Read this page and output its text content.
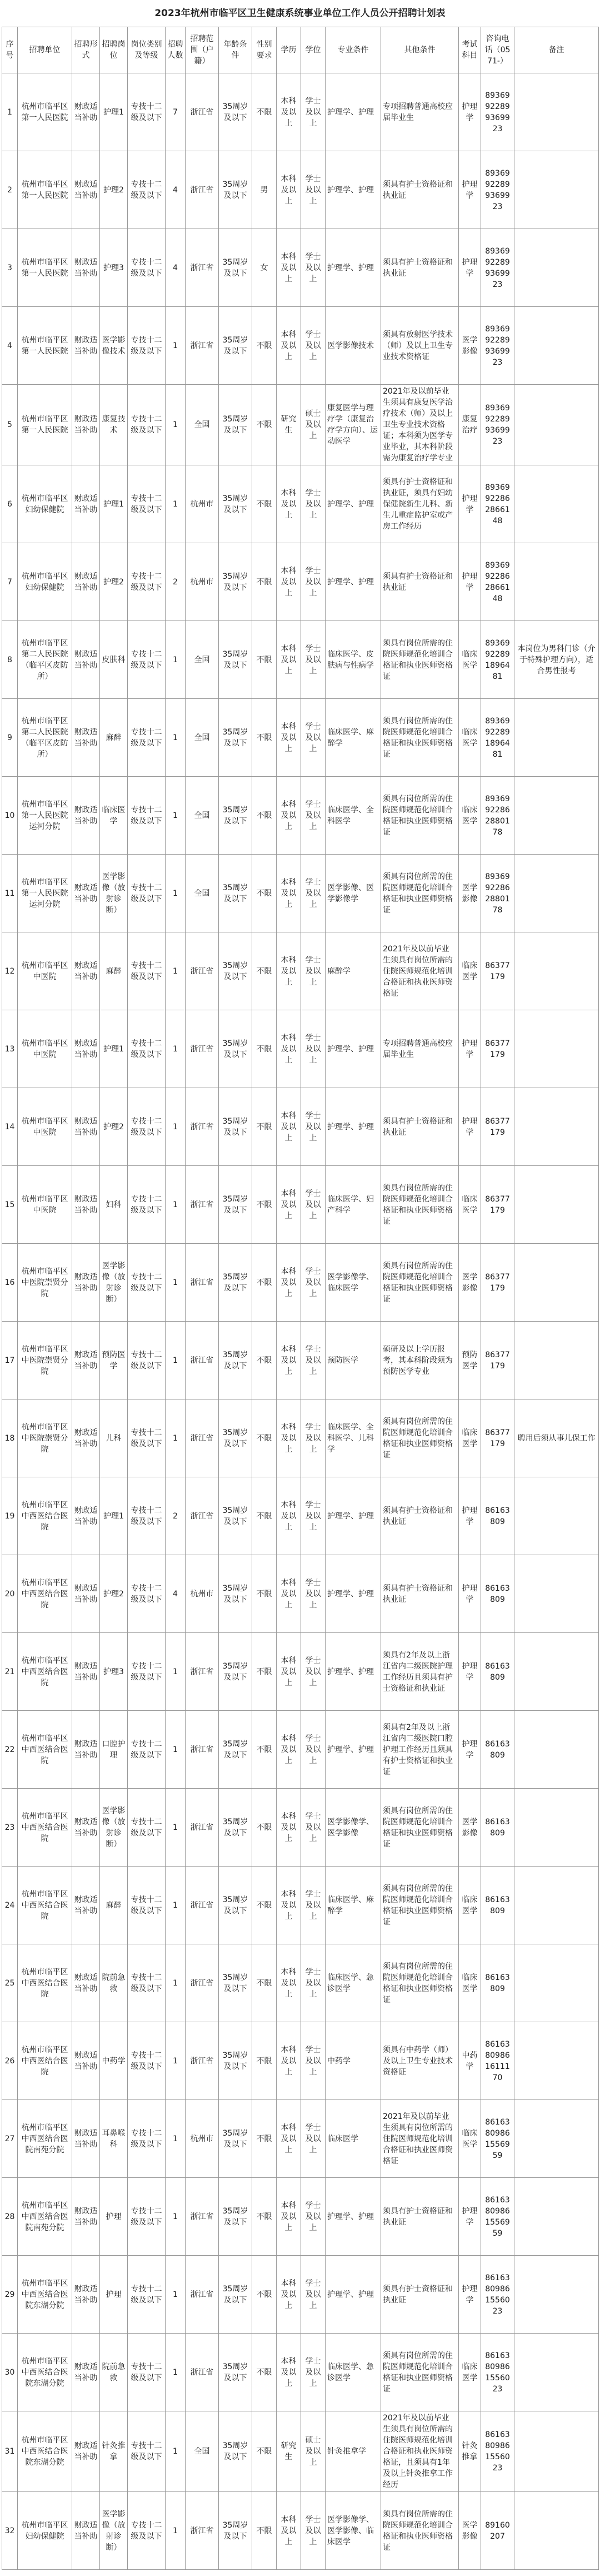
2023年杭州市临平区卫生健康系统事业单位工作人员公开招聘计划表
序号	招聘单位	招聘形式	招聘岗位	岗位类别及等级	招聘人数	招聘范围（户籍）	年龄条件	性别要求	学历	学位	专业条件	其他条件	考试科目	咨询电话（0571-）	备注
1	杭州市临平区第一人民医院	财政适当补助	护理1	专技十二级及以下	7	浙江省	35周岁及以下	不限	本科及以上	学士及以上	护理学、护理	专项招聘普通高校应届毕业生	护理学	89369922899369923	
2	杭州市临平区第一人民医院	财政适当补助	护理2	专技十二级及以下	4	浙江省	35周岁及以下	男	本科及以上	学士及以上	护理学、护理	须具有护士资格证和执业证	护理学	89369922899369923	
3	杭州市临平区第一人民医院	财政适当补助	护理3	专技十二级及以下	4	浙江省	35周岁及以下	女	本科及以上	学士及以上	护理学、护理	须具有护士资格证和执业证	护理学	89369922899369923	
4	杭州市临平区第一人民医院	财政适当补助	医学影像技术	专技十二级及以下	1	浙江省	35周岁及以下	不限	本科及以上	学士及以上	医学影像技术	须具有放射医学技术（师）及以上卫生专业技术资格证	医学影像	89369922899369923	
5	杭州市临平区第一人民医院	财政适当补助	康复技术	专技十二级及以下	1	全国	35周岁及以下	不限	研究生	硕士及以上	康复医学与理疗学（康复治疗学方向）、运动医学	2021年及以前毕业生须具有康复医学治疗技术（师）及以上卫生专业技术资格证；本科须为医学专业毕业，其本科阶段需为康复治疗学专业	康复治疗	89369922899369923	
6	杭州市临平区妇幼保健院	财政适当补助	护理1	专技十二级及以下	1	杭州市	35周岁及以下	不限	本科及以上	学士及以上	护理学、护理	须具有护士资格证和执业证，须具有妇幼保健院新生儿科、新生儿重症监护室或产房工作经历	护理学	89369922862866148	
7	杭州市临平区妇幼保健院	财政适当补助	护理2	专技十二级及以下	2	杭州市	35周岁及以下	不限	本科及以上	学士及以上	护理学、护理	须具有护士资格证和执业证	护理学	89369922862866148	
8	杭州市临平区第二人民医院（临平区皮防所）	财政适当补助	皮肤科	专技十二级及以下	1	全国	35周岁及以下	不限	本科及以上	学士及以上	临床医学、皮肤病与性病学	须具有岗位所需的住院医师规范化培训合格证和执业医师资格证	临床医学	89369922891896481	本岗位为男科门诊（介于特殊护理方向），适合男性报考
9	杭州市临平区第二人民医院（临平区皮防所）	财政适当补助	麻醉	专技十二级及以下	1	全国	35周岁及以下	不限	本科及以上	学士及以上	临床医学、麻醉学	须具有岗位所需的住院医师规范化培训合格证和执业医师资格证	临床医学	89369922891896481	
10	杭州市临平区第一人民医院运河分院	财政适当补助	临床医学	专技十二级及以下	1	全国	35周岁及以下	不限	本科及以上	学士及以上	临床医学、全科医学	须具有岗位所需的住院医师规范化培训合格证和执业医师资格证	临床医学	89369922862880178	
11	杭州市临平区第一人民医院运河分院	财政适当补助	医学影像（放射诊断）	专技十二级及以下	1	全国	35周岁及以下	不限	本科及以上	学士及以上	医学影像、医学影像学	须具有岗位所需的住院医师规范化培训合格证和执业医师资格证	医学影像	89369922862880178	
12	杭州市临平区中医院	财政适当补助	麻醉	专技十二级及以下	1	浙江省	35周岁及以下	不限	本科及以上	学士及以上	麻醉学	2021年及以前毕业生须具有岗位所需的住院医师规范化培训合格证和执业医师资格证	临床医学	86377179	
13	杭州市临平区中医院	财政适当补助	护理1	专技十二级及以下	1	浙江省	35周岁及以下	不限	本科及以上	学士及以上	护理学、护理	专项招聘普通高校应届毕业生	护理学	86377179	
14	杭州市临平区中医院	财政适当补助	护理2	专技十二级及以下	1	浙江省	35周岁及以下	不限	本科及以上	学士及以上	护理学、护理	须具有护士资格证和执业证	护理学	86377179	
15	杭州市临平区中医院	财政适当补助	妇科	专技十二级及以下	1	浙江省	35周岁及以下	不限	本科及以上	学士及以上	临床医学、妇产科学	须具有岗位所需的住院医师规范化培训合格证和执业医师资格证	临床医学	86377179	
16	杭州市临平区中医院崇贤分院	财政适当补助	医学影像（放射诊断）	专技十二级及以下	1	浙江省	35周岁及以下	不限	本科及以上	学士及以上	医学影像学、临床医学	须具有岗位所需的住院医师规范化培训合格证和执业医师资格证	医学影像	86377179	
17	杭州市临平区中医院崇贤分院	财政适当补助	预防医学	专技十二级及以下	1	浙江省	35周岁及以下	不限	本科及以上	学士及以上	预防医学	硕研及以上学历报考，其本科阶段须为预防医学专业	预防医学	86377179	
18	杭州市临平区中医院崇贤分院	财政适当补助	儿科	专技十二级及以下	1	浙江省	35周岁及以下	不限	本科及以上	学士及以上	临床医学、全科医学、儿科学	须具有岗位所需的住院医师规范化培训合格证和执业医师资格证	临床医学	86377179	聘用后须从事儿保工作
19	杭州市临平区中西医结合医院	财政适当补助	护理1	专技十二级及以下	2	浙江省	35周岁及以下	不限	本科及以上	学士及以上	护理学、护理	须具有护士资格证和执业证	护理学	86163809	
20	杭州市临平区中西医结合医院	财政适当补助	护理2	专技十二级及以下	4	杭州市	35周岁及以下	不限	本科及以上	学士及以上	护理学、护理	须具有护士资格证和执业证	护理学	86163809	
21	杭州市临平区中西医结合医院	财政适当补助	护理3	专技十二级及以下	1	浙江省	35周岁及以下	不限	本科及以上	学士及以上	护理学、护理	须具有2年及以上浙江省内二级医院护理工作经历且须具有护士资格证和执业证	护理学	86163809	
22	杭州市临平区中西医结合医院	财政适当补助	口腔护理	专技十二级及以下	1	浙江省	35周岁及以下	不限	本科及以上	学士及以上	护理学、护理	须具有2年及以上浙江省内二级医院口腔护理工作经历且须具有护士资格证和执业证	护理学	86163809	
23	杭州市临平区中西医结合医院	财政适当补助	医学影像（放射诊断）	专技十二级及以下	1	浙江省	35周岁及以下	不限	本科及以上	学士及以上	医学影像学、医学影像	须具有岗位所需的住院医师规范化培训合格证和执业医师资格证	医学影像	86163809	
24	杭州市临平区中西医结合医院	财政适当补助	麻醉	专技十二级及以下	1	浙江省	35周岁及以下	不限	本科及以上	学士及以上	临床医学、麻醉学	须具有岗位所需的住院医师规范化培训合格证和执业医师资格证	临床医学	86163809	
25	杭州市临平区中西医结合医院	财政适当补助	院前急救	专技十二级及以下	1	浙江省	35周岁及以下	不限	本科及以上	学士及以上	临床医学、急诊医学	须具有岗位所需的住院医师规范化培训合格证和执业医师资格证	临床医学	86163809	
26	杭州市临平区中西医结合医院	财政适当补助	中药学	专技十二级及以下	1	浙江省	35周岁及以下	不限	本科及以上	学士及以上	中药学	须具有中药学（师）及以上卫生专业技术资格证	中药学	86163809861611170	
27	杭州市临平区中西医结合医院南苑分院	财政适当补助	耳鼻喉科	专技十二级及以下	1	杭州市	35周岁及以下	不限	本科及以上	学士及以上	临床医学	2021年及以前毕业生须具有岗位所需的住院医师规范化培训合格证和执业医师资格证	临床医学	86163809861556959	
28	杭州市临平区中西医结合医院南苑分院	财政适当补助	护理	专技十二级及以下	1	浙江省	35周岁及以下	不限	本科及以上	学士及以上	护理学、护理	须具有护士资格证和执业证	护理学	86163809861556959	
29	杭州市临平区中西医结合医院东湖分院	财政适当补助	护理	专技十二级及以下	1	浙江省	35周岁及以下	不限	本科及以上	学士及以上	护理学、护理	须具有护士资格证和执业证	护理学	86163809861556023	
30	杭州市临平区中西医结合医院东湖分院	财政适当补助	院前急救	专技十二级及以下	1	浙江省	35周岁及以下	不限	本科及以上	学士及以上	临床医学、急诊医学	须具有岗位所需的住院医师规范化培训合格证和执业医师资格证	临床医学	86163809861556023	
31	杭州市临平区中西医结合医院东湖分院	财政适当补助	针灸推拿	专技十二级及以下	1	全国	35周岁及以下	不限	研究生	硕士及以上	针灸推拿学	2021年及以前毕业生须具有岗位所需的住院医师规范化培训合格证和执业医师资格证，且须具有1年及以上针灸推拿工作经历	针灸推拿	86163809861556023	
32	杭州市临平区妇幼保健院	财政适当补助	医学影像（放射诊断）	专技十二级及以下	1	浙江省	35周岁及以下	不限	本科及以上	学士及以上	医学影像学、医学影像、临床医学	须具有岗位所需的住院医师规范化培训合格证和执业医师资格证	医学影像	89160207	
